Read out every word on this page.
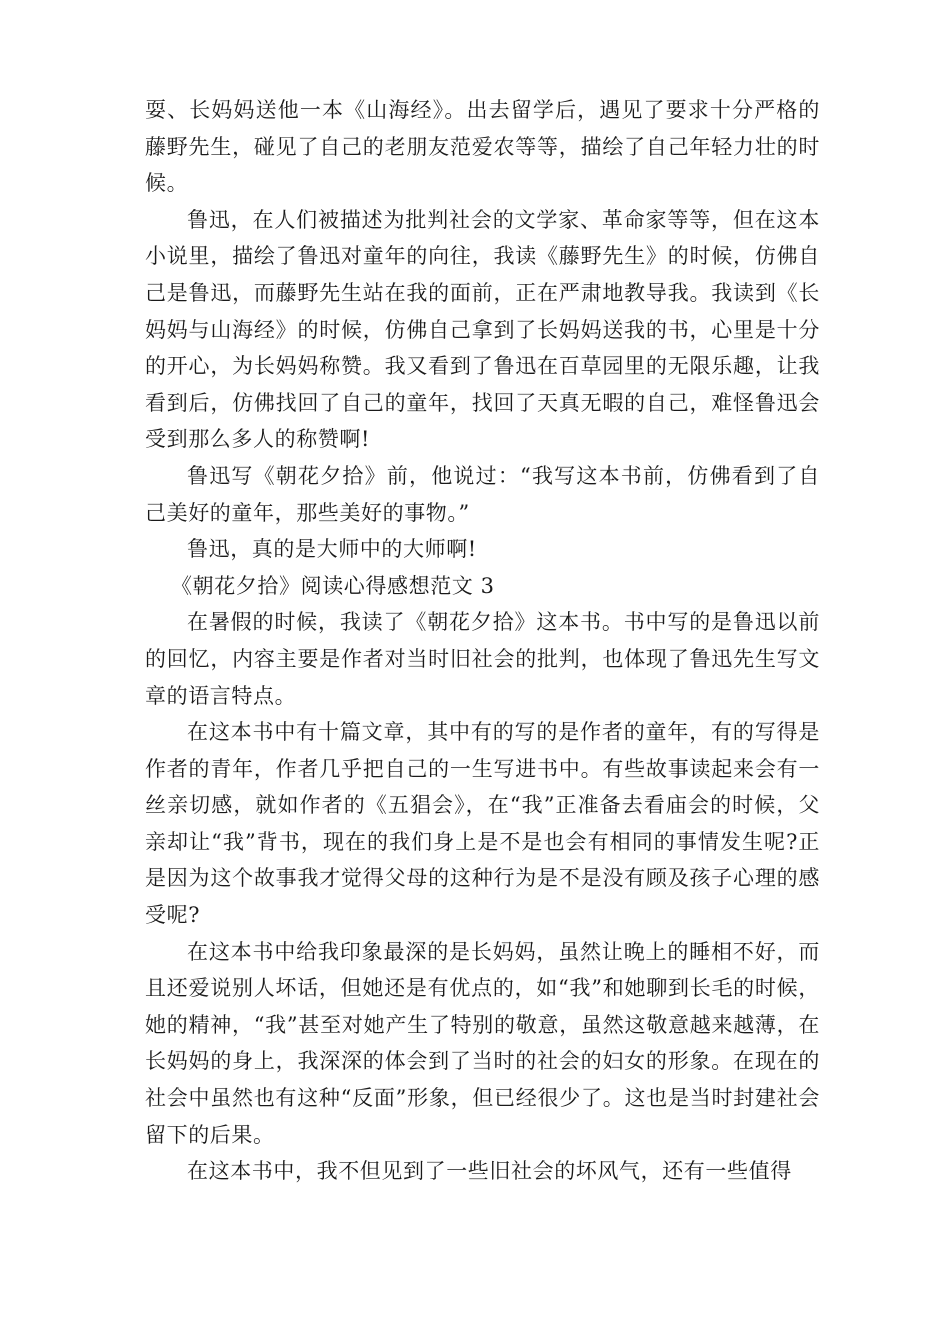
耍、长妈妈送他一本《山海经》。出去留学后，遇见了要求十分严格的藤野先生，碰见了自己的老朋友范爱农等等，描绘了自己年轻力壮的时候。

鲁迅，在人们被描述为批判社会的文学家、革命家等等，但在这本小说里，描绘了鲁迅对童年的向往，我读《藤野先生》的时候，仿佛自己是鲁迅，而藤野先生站在我的面前，正在严肃地教导我。我读到《长妈妈与山海经》的时候，仿佛自己拿到了长妈妈送我的书，心里是十分的开心，为长妈妈称赞。我又看到了鲁迅在百草园里的无限乐趣，让我看到后，仿佛找回了自己的童年，找回了天真无暇的自己，难怪鲁迅会受到那么多人的称赞啊!

鲁迅写《朝花夕拾》前，他说过：“我写这本书前，仿佛看到了自己美好的童年，那些美好的事物。”

鲁迅，真的是大师中的大师啊!

《朝花夕拾》阅读心得感想范文 3

在暑假的时候，我读了《朝花夕拾》这本书。书中写的是鲁迅以前的回忆，内容主要是作者对当时旧社会的批判，也体现了鲁迅先生写文章的语言特点。

在这本书中有十篇文章，其中有的写的是作者的童年，有的写得是作者的青年，作者几乎把自己的一生写进书中。有些故事读起来会有一丝亲切感，就如作者的《五猖会》，在“我”正准备去看庙会的时候，父亲却让“我”背书，现在的我们身上是不是也会有相同的事情发生呢?正是因为这个故事我才觉得父母的这种行为是不是没有顾及孩子心理的感受呢?

在这本书中给我印象最深的是长妈妈，虽然让晚上的睡相不好，而且还爱说别人坏话，但她还是有优点的，如“我”和她聊到长毛的时候，她的精神，“我”甚至对她产生了特别的敬意，虽然这敬意越来越薄，在长妈妈的身上，我深深的体会到了当时的社会的妇女的形象。在现在的社会中虽然也有这种“反面”形象，但已经很少了。这也是当时封建社会留下的后果。

在这本书中，我不但见到了一些旧社会的坏风气，还有一些值得
